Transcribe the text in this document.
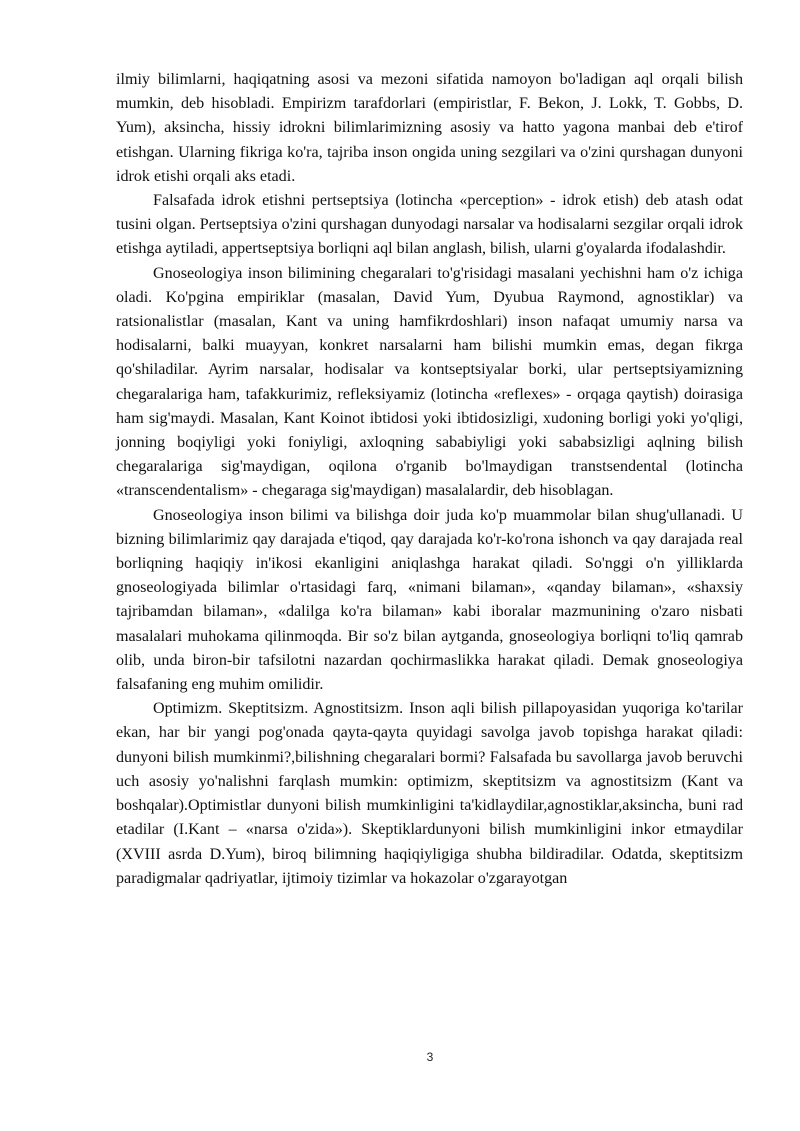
ilmiy bilimlarni, haqiqatning asosi va mezoni sifatida namoyon bo'ladigan aql orqali bilish mumkin, deb hisobladi. Empirizm tarafdorlari (empiristlar, F. Bekon, J. Lokk, T. Gobbs, D. Yum), aksincha, hissiy idrokni bilimlarimizning asosiy va hatto yagona manbai deb e'tirof etishgan. Ularning fikriga ko'ra, tajriba inson ongida uning sezgilari va o'zini qurshagan dunyoni idrok etishi orqali aks etadi.

Falsafada idrok etishni pertseptsiya (lotincha «perception» - idrok etish) deb atash odat tusini olgan. Pertseptsiya o'zini qurshagan dunyodagi narsalar va hodisalarni sezgilar orqali idrok etishga aytiladi, appertseptsiya borliqni aql bilan anglash, bilish, ularni g'oyalarda ifodalashdir.

Gnoseologiya inson bilimining chegaralari to'g'risidagi masalani yechishni ham o'z ichiga oladi. Ko'pgina empiriklar (masalan, David Yum, Dyubua Raymond, agnostiklar) va ratsionalistlar (masalan, Kant va uning hamfikrdoshlari) inson nafaqat umumiy narsa va hodisalarni, balki muayyan, konkret narsalarni ham bilishi mumkin emas, degan fikrga qo'shiladilar. Ayrim narsalar, hodisalar va kontseptsiyalar borki, ular pertseptsiyamizning chegaralariga ham, tafakkurimiz, refleksiyamiz (lotincha «reflexes» - orqaga qaytish) doirasiga ham sig'maydi. Masalan, Kant Koinot ibtidosi yoki ibtidosizligi, xudoning borligi yoki yo'qligi, jonning boqiyligi yoki foniyligi, axloqning sababiyligi yoki sababsizligi aqlning bilish chegaralariga sig'maydigan, oqilona o'rganib bo'lmaydigan transtsendental (lotincha «transcendentalism» - chegaraga sig'maydigan) masalalardir, deb hisoblagan.

Gnoseologiya inson bilimi va bilishga doir juda ko'p muammolar bilan shug'ullanadi. U bizning bilimlarimiz qay darajada e'tiqod, qay darajada ko'r-ko'rona ishonch va qay darajada real borliqning haqiqiy in'ikosi ekanligini aniqlashga harakat qiladi. So'nggi o'n yilliklarda gnoseologiyada bilimlar o'rtasidagi farq, «nimani bilaman», «qanday bilaman», «shaxsiy tajribamdan bilaman», «dalilga ko'ra bilaman» kabi iboralar mazmunining o'zaro nisbati masalalari muhokama qilinmoqda. Bir so'z bilan aytganda, gnoseologiya borliqni to'liq qamrab olib, unda biron-bir tafsilotni nazardan qochirmaslikka harakat qiladi. Demak gnoseologiya falsafaning eng muhim omilidir.

Optimizm. Skeptitsizm. Agnostitsizm. Inson aqli bilish pillapoyasidan yuqoriga ko'tarilar ekan, har bir yangi pog'onada qayta-qayta quyidagi savolga javob topishga harakat qiladi: dunyoni bilish mumkinmi?,bilishning chegaralari bormi? Falsafada bu savollarga javob beruvchi uch asosiy yo'nalishni farqlash mumkin: optimizm, skeptitsizm va agnostitsizm (Kant va boshqalar).Optimistlar dunyoni bilish mumkinligini ta'kidlaydilar,agnostiklar,aksincha, buni rad etadilar (I.Kant – «narsa o'zida»). Skeptiklardunyoni bilish mumkinligini inkor etmaydilar (XVIII asrda D.Yum), biroq bilimning haqiqiyligiga shubha bildiradilar. Odatda, skeptitsizm paradigmalar qadriyatlar, ijtimoiy tizimlar va hokazolar o'zgarayotgan

3
